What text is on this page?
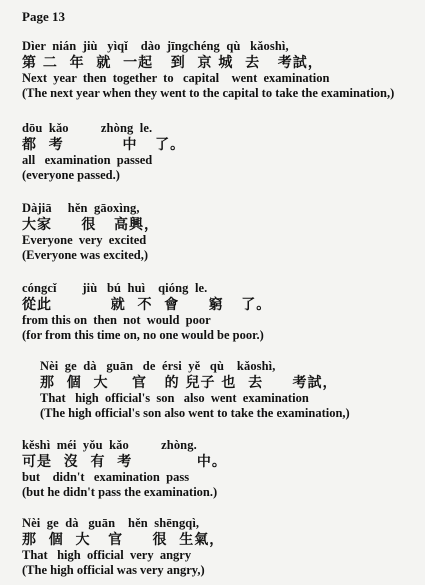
Page 13
Dìer  nián  jiù   yìqǐ    dào  jīngchéng  qù   kǎoshì,
第 二  年  就  一起   到  京 城  去   考試，
Next  year  then  together  to   capital    went  examination
(The next year when they went to the capital to take the examination,)
dōu  kǎo          zhòng  le.
都  考          中   了。
all   examination  passed
(everyone passed.)
Dàjiā     hěn  gāoxìng,
大家     很   高興，
Everyone  very  excited
(Everyone was excited,)
cóngcǐ        jiù   bú  huì    qióng  le.
從此          就  不  會     窮   了。
from this on  then  not  would  poor
(for from this time on, no one would be poor.)
Nèi  ge  dà   guān   de  érsi  yě   qù    kǎoshì,
那  個  大    官   的 兒子 也  去     考試，
That   high  official's  son   also  went  examination
(The high official's son also went to take the examination,)
kěshì  méi  yǒu  kǎo          zhòng.
可是  沒  有  考           中。
but    didn't   examination  pass
(but he didn't pass the examination.)
Nèi  ge  dà   guān    hěn  shēngqì,
那  個  大   官     很  生氣，
That   high  official  very  angry
(The high official was very angry,)
